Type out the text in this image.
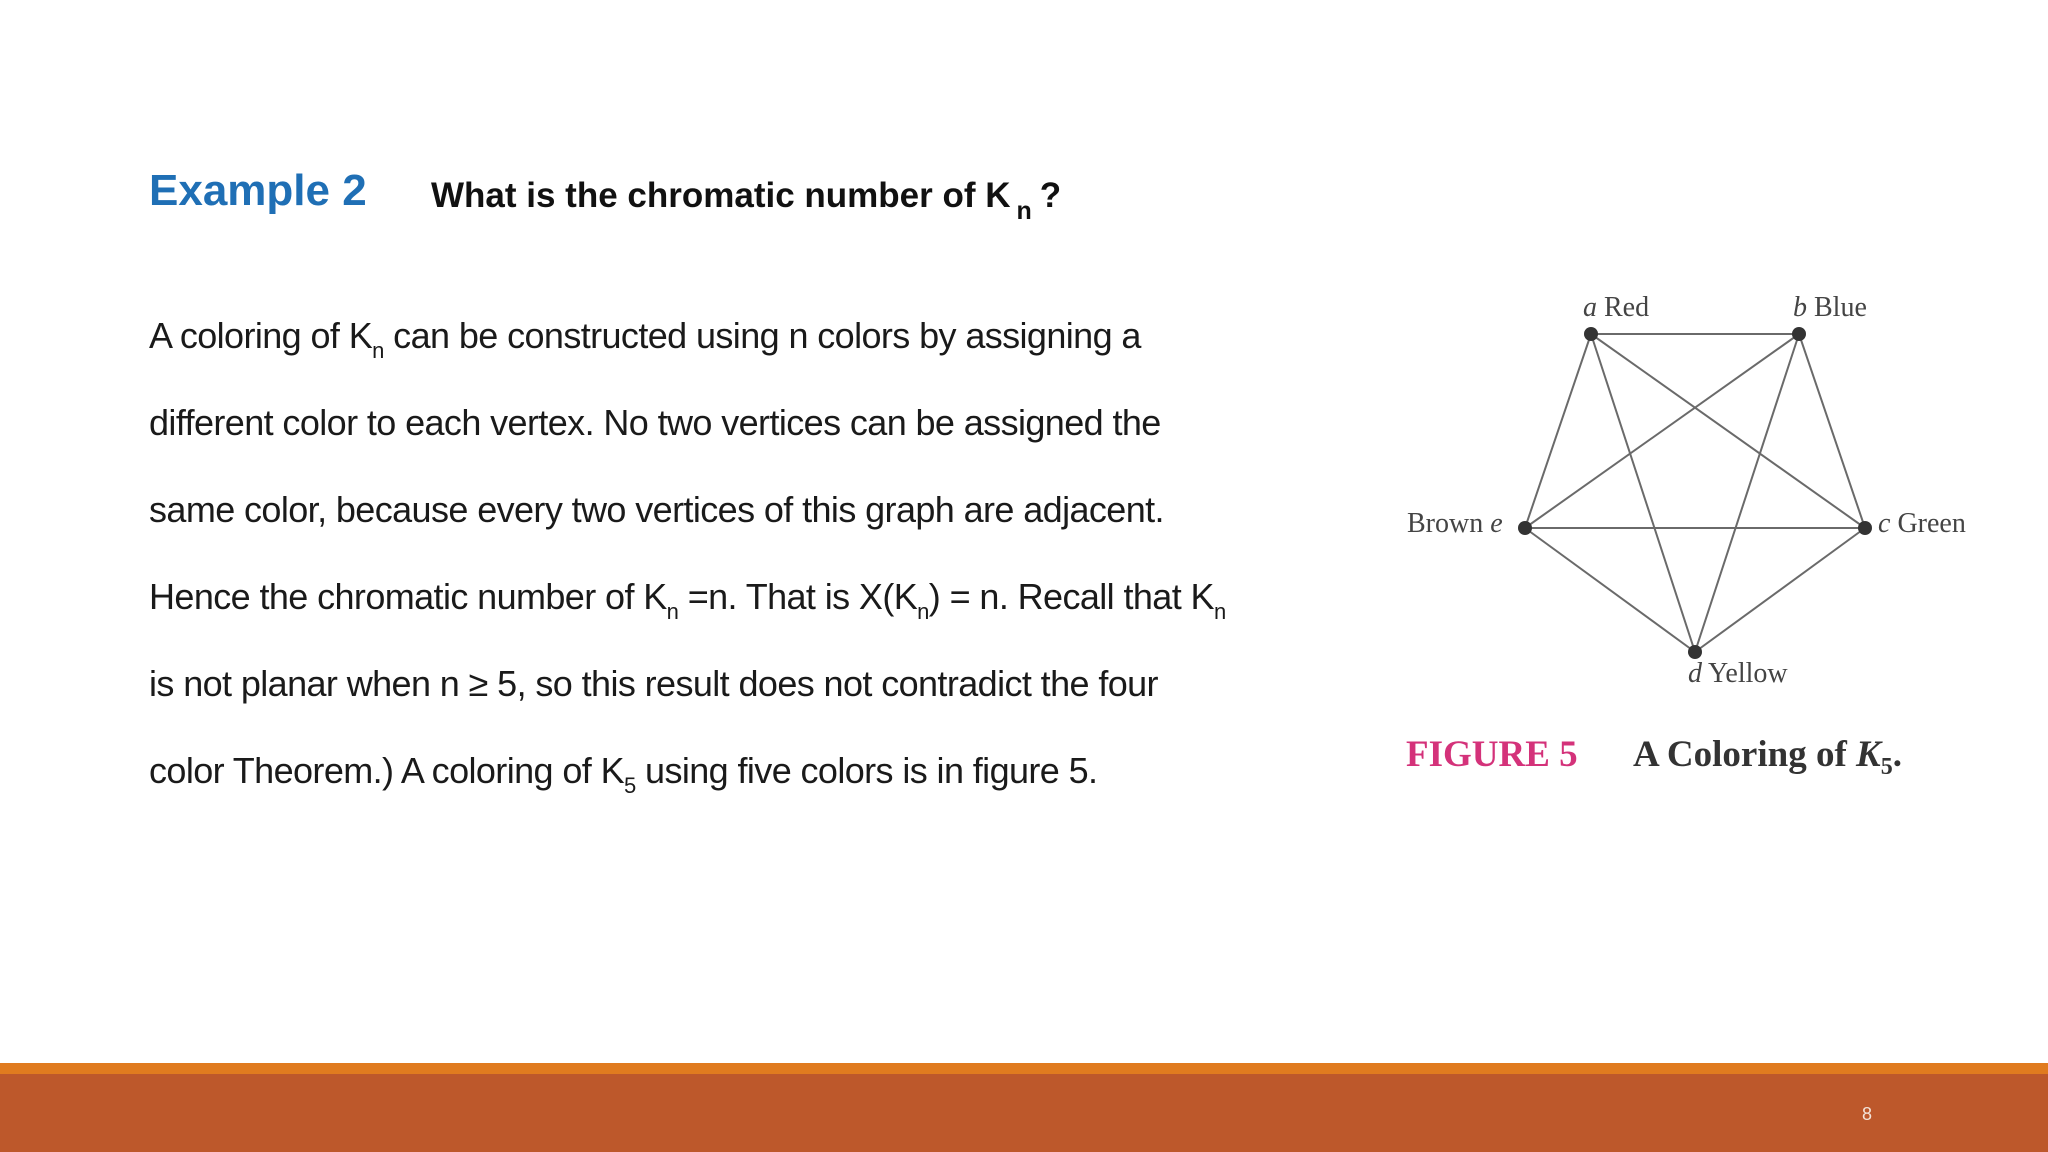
Example 2 What is the chromatic number of K $_n$ ?
A coloring of $K_n$ can be constructed using n colors by assigning a
different color to each vertex. No two vertices can be assigned the
same color, because every two vertices of this graph are adjacent.
Hence the chromatic number of $K_n =n$. That is $X(K_n) = n$. Recall that $K_n$
is not planar when n ≥ 5, so this result does not contradict the four
color Theorem.) A coloring of $K_5$ using five colors is in figure 5.
a Red	b Blue
c Green
d Yellow
Brown e
FIGURE 5 A Coloring of $K_5$.
8
